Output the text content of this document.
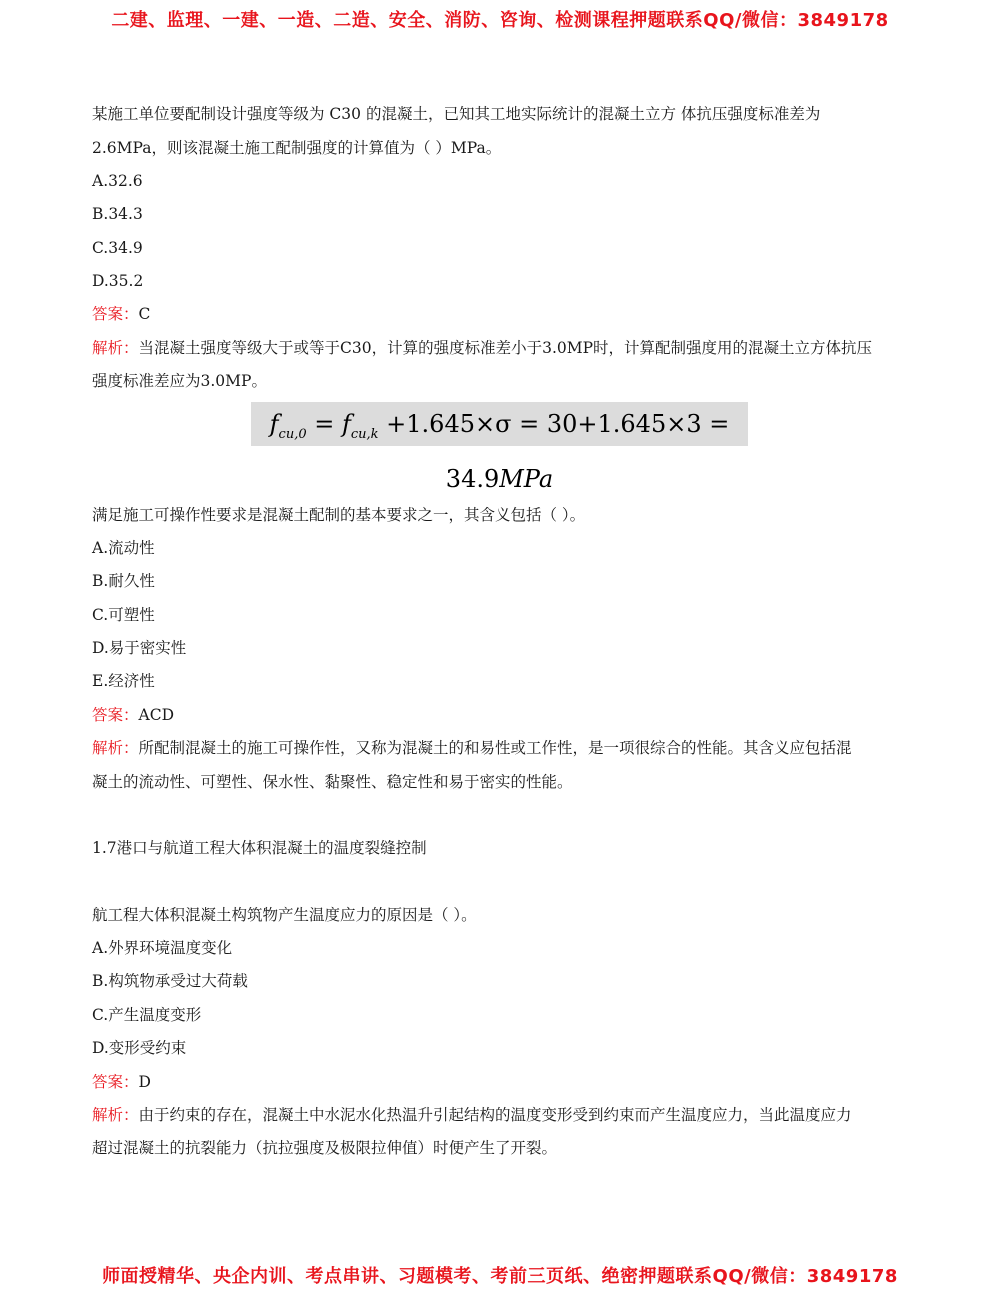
二建、监理、一建、一造、二造、安全、消防、咨询、检测课程押题联系QQ/微信：3849178
某施工单位要配制设计强度等级为 C30 的混凝土，已知其工地实际统计的混凝土立方 体抗压强度标准差为
2.6MPa，则该混凝土施工配制强度的计算值为（ ）MPa。
A.32.6
B.34.3
C.34.9
D.35.2
答案：C
解析：当混凝土强度等级大于或等于C30，计算的强度标准差小于3.0MP时，计算配制强度用的混凝土立方体抗压
强度标准差应为3.0MP。
$f_{cu,0} = f_{cu,k} +1.645\times\sigma = 30+1.645\times 3 = 34.9MPa$
满足施工可操作性要求是混凝土配制的基本要求之一，其含义包括（ ）。
A.流动性
B.耐久性
C.可塑性
D.易于密实性
E.经济性
答案：ACD
解析：所配制混凝土的施工可操作性，又称为混凝土的和易性或工作性，是一项很综合的性能。其含义应包括混
凝土的流动性、可塑性、保水性、黏聚性、稳定性和易于密实的性能。
1.7港口与航道工程大体积混凝土的温度裂缝控制
航工程大体积混凝土构筑物产生温度应力的原因是（ ）。
A.外界环境温度变化
B.构筑物承受过大荷载
C.产生温度变形
D.变形受约束
答案：D
解析：由于约束的存在，混凝土中水泥水化热温升引起结构的温度变形受到约束而产生温度应力，当此温度应力
超过混凝土的抗裂能力（抗拉强度及极限拉伸值）时便产生了开裂。
师面授精华、央企内训、考点串讲、习题模考、考前三页纸、绝密押题联系QQ/微信：3849178
